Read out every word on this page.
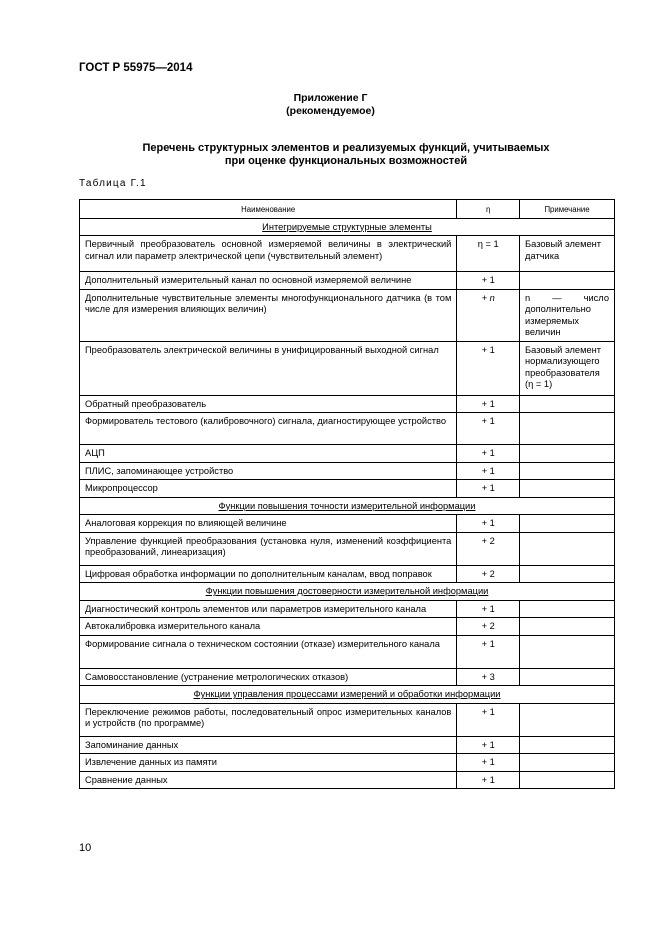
ГОСТ Р 55975—2014
Приложение Г
(рекомендуемое)
Перечень структурных элементов и реализуемых функций, учитываемых
при оценке функциональных возможностей
Таблица Г.1
Наименование	η	Примечание
Интегрируемые структурные элементы		
Первичный преобразователь основной измеряемой величины в электрический сигнал или параметр электрической цепи (чувствительный элемент)	η = 1	Базовый элемент датчика
Дополнительный измерительный канал по основной измеряемой величине	+ 1	
Дополнительные чувствительные элементы многофункционального датчика (в том числе для измерения влияющих величин)	+ n	n — число дополнительно измеряемых величин
Преобразователь электрической величины в унифицированный выходной сигнал	+ 1	Базовый элемент нормализующего преобразователя (η = 1)
Обратный преобразователь	+ 1	
Формирователь тестового (калибровочного) сигнала, диагностирующее устройство	+ 1	
АЦП	+ 1	
ПЛИС, запоминающее устройство	+ 1	
Микропроцессор	+ 1	
Функции повышения точности измерительной информации		
Аналоговая коррекция по влияющей величине	+ 1	
Управление функцией преобразования (установка нуля, изменений коэффициента преобразований, линеаризация)	+ 2	
Цифровая обработка информации по дополнительным каналам, ввод поправок	+ 2	
Функции повышения достоверности измерительной информации		
Диагностический контроль элементов или параметров измерительного канала	+ 1	
Автокалибровка измерительного канала	+ 2	
Формирование сигнала о техническом состоянии (отказе) измерительного канала	+ 1	
Самовосстановление (устранение метрологических отказов)	+ 3	
Функции управления процессами измерений и обработки информации		
Переключение режимов работы, последовательный опрос измерительных каналов и устройств (по программе)	+ 1	
Запоминание данных	+ 1	
Извлечение данных из памяти	+ 1	
Сравнение данных	+ 1	
10
